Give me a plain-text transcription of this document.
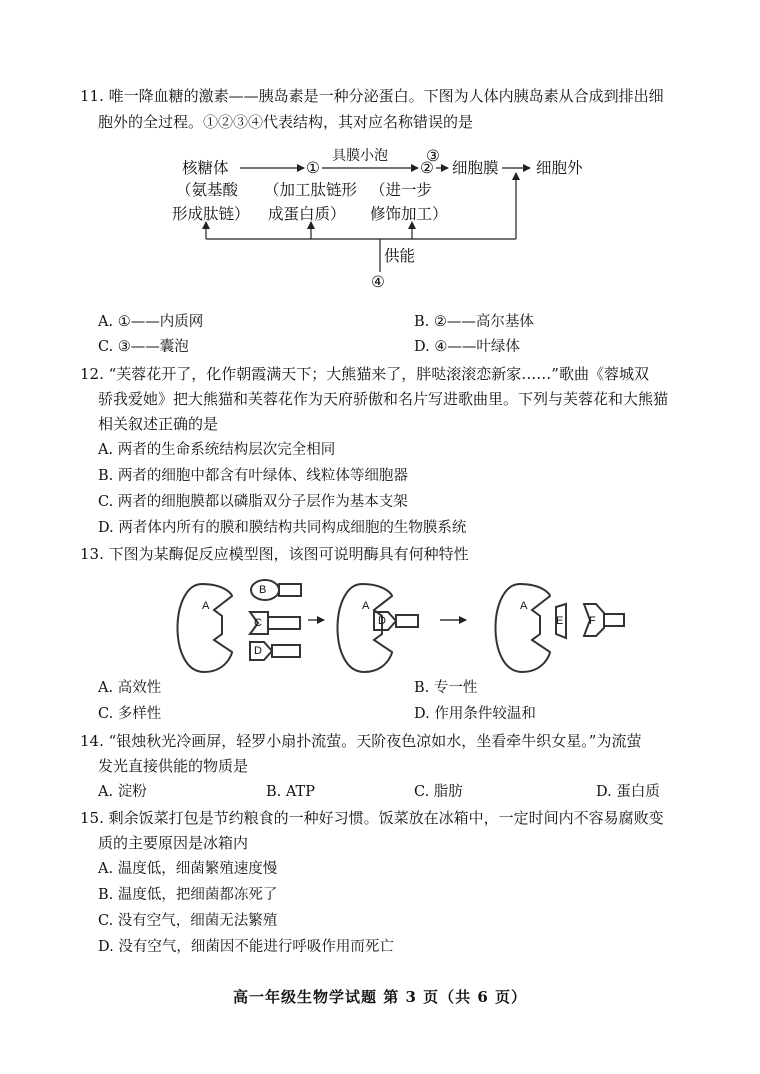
11. 唯一降血糖的激素——胰岛素是一种分泌蛋白。下图为人体内胰岛素从合成到排出细
胞外的全过程。①②③④代表结构，其对应名称错误的是
核糖体
（氨基酸
形成肽链）
①
具膜小泡
（加工肽链形
成蛋白质）
②
（进一步
修饰加工）
③
细胞膜 细胞外
供能
④
A. ①——内质网	B. ②——高尔基体
C. ③——囊泡	D. ④——叶绿体
12. “芙蓉花开了，化作朝霞满天下；大熊猫来了，胖哒滚滚恋新家……”歌曲《蓉城双
骄我爱她》把大熊猫和芙蓉花作为天府骄傲和名片写进歌曲里。下列与芙蓉花和大熊猫
相关叙述正确的是
A. 两者的生命系统结构层次完全相同
B. 两者的细胞中都含有叶绿体、线粒体等细胞器
C. 两者的细胞膜都以磷脂双分子层作为基本支架
D. 两者体内所有的膜和膜结构共同构成细胞的生物膜系统
13. 下图为某酶促反应模型图，该图可说明酶具有何种特性
A
B
C
D
A
D
A
E F
A. 高效性	B. 专一性
C. 多样性	D. 作用条件较温和
14. “银烛秋光冷画屏，轻罗小扇扑流萤。天阶夜色凉如水，坐看牵牛织女星。”为流萤
发光直接供能的物质是
A. 淀粉	B. ATP	C. 脂肪	D. 蛋白质
15. 剩余饭菜打包是节约粮食的一种好习惯。饭菜放在冰箱中，一定时间内不容易腐败变
质的主要原因是冰箱内
A. 温度低，细菌繁殖速度慢
B. 温度低，把细菌都冻死了
C. 没有空气，细菌无法繁殖
D. 没有空气，细菌因不能进行呼吸作用而死亡
高一年级生物学试题 第 3 页（共 6 页）
